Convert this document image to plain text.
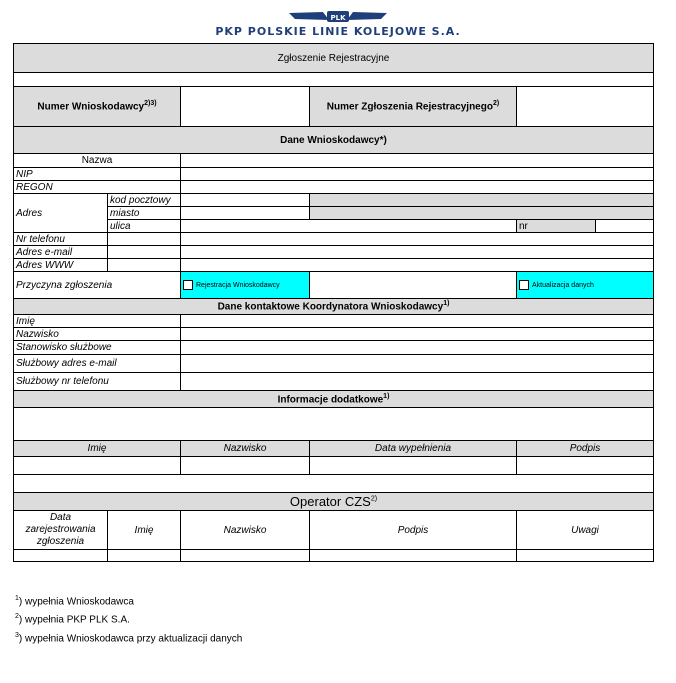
PLK
PKP POLSKIE LINIE KOLEJOWE S.A.
Zgłoszenie Rejestracyjne					

Numer Wnioskodawcy$^{2)3)}$			Numer Zgłoszenia Rejestracyjnego$^{2)}$	
Dane Wnioskodawcy*)					
Nazwa					
NIP					
REGON					
Adres	kod pocztowy				
	miasto				
	ulica			nr	
Nr telefonu					
Adres e-mail					
Adres WWW					
Przyczyna zgłoszenia		Rejestracja Wnioskodawcy		Aktualizacja danych	
Dane kontaktowe Koordynatora Wnioskodawcy$^{1)}$
Imię					
Nazwisko					
Stanowisko służbowe					
Służbowy adres e-mail					
Służbowy nr telefonu					
Informacje dodatkowe$^{1)}$

Imię		Nazwisko	Data wypełnienia	Podpis	

Operator CZS$^{2)}$
Data zarejestrowania zgłoszenia	Imię	Nazwisko	Podpis	Uwagi	

$^1$) wypełnia Wnioskodawca
$^2$) wypełnia PKP PLK S.A.
$^3$) wypełnia Wnioskodawca przy aktualizacji danych
